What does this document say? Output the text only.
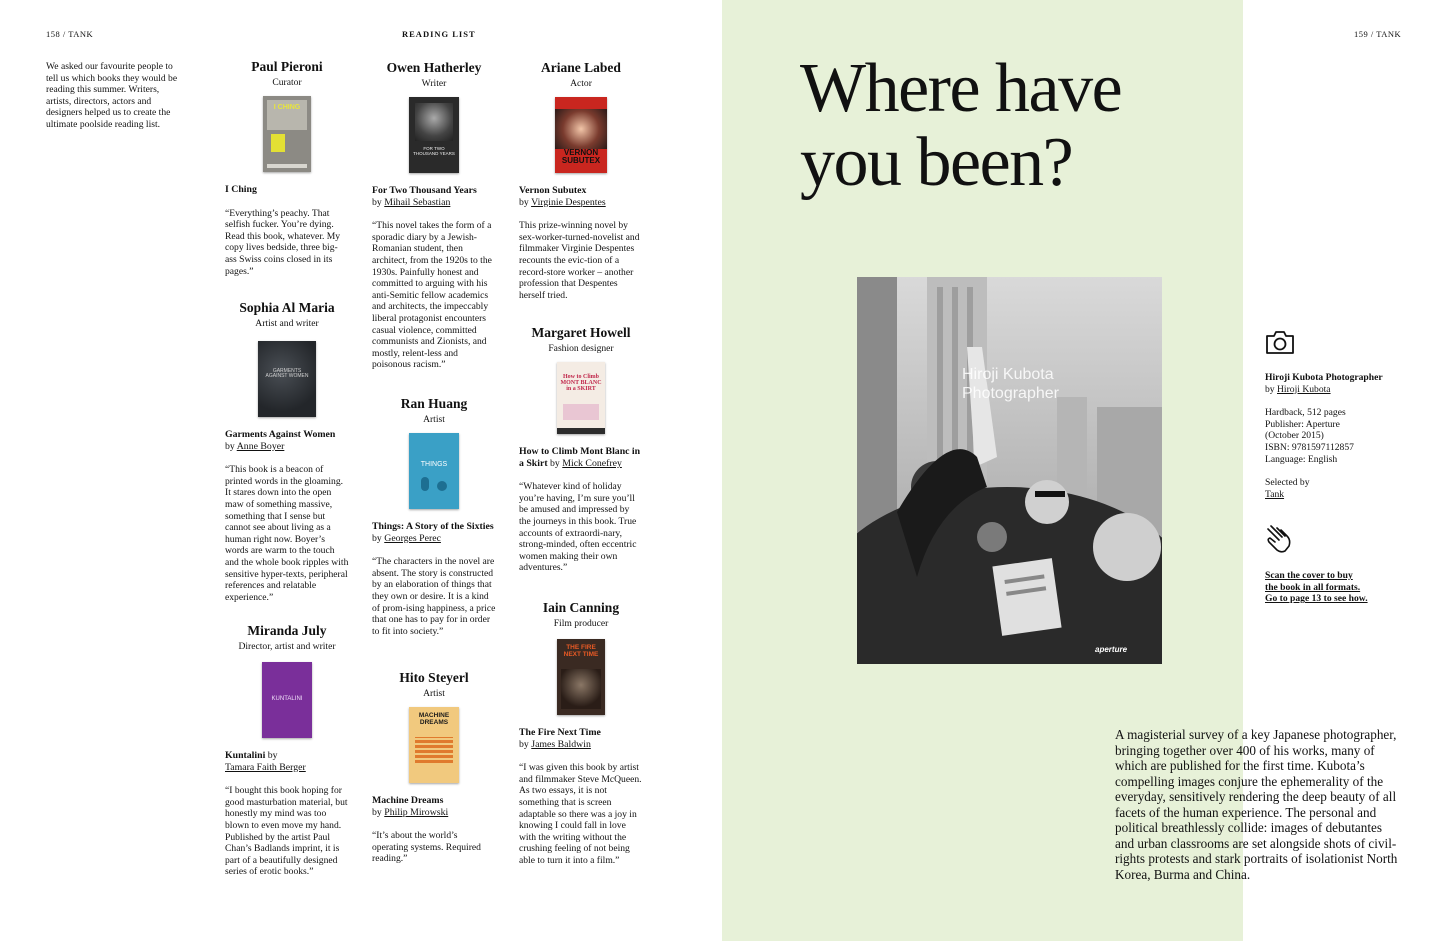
158 / TANK	READING LIST
We asked our favourite people to tell us which books they would be reading this summer. Writers, artists, directors, actors and designers helped us to create the ultimate poolside reading list.
Paul Pieroni
Curator
I CHING
I Ching
“Everything’s peachy. That selfish fucker. You’re dying. Read this book, whatever. My copy lives bedside, three big-ass Swiss coins closed in its pages.”
Sophia Al Maria
Artist and writer
GARMENTS AGAINST WOMEN
Garments Against Women
by Anne Boyer
“This book is a beacon of printed words in the gloaming. It stares down into the open maw of something massive, something that I sense but cannot see about living as a human right now. Boyer’s words are warm to the touch and the whole book ripples with sensitive hyper-texts, peripheral references and relatable experience.”
Miranda July
Director, artist and writer
KUNTALINI
Kuntalini by
Tamara Faith Berger
“I bought this book hoping for good masturbation material, but honestly my mind was too blown to even move my hand. Published by the artist Paul Chan’s Badlands imprint, it is part of a beautifully designed series of erotic books.”
Owen Hatherley
Writer
FOR TWO THOUSAND YEARS
For Two Thousand Years
by Mihail Sebastian
“This novel takes the form of a sporadic diary by a Jewish-Romanian student, then architect, from the 1920s to the 1930s. Painfully honest and committed to arguing with his anti-Semitic fellow academics and architects, the impeccably liberal protagonist encounters casual violence, committed communists and Zionists, and mostly, relent-less and poisonous racism.”
Ran Huang
Artist
THINGS
Things: A Story of the Sixties by Georges Perec
“The characters in the novel are absent. The story is constructed by an elaboration of things that they own or desire. It is a kind of prom-ising happiness, a price that one has to pay for in order to fit into society.”
Hito Steyerl
Artist
MACHINE DREAMS
Machine Dreams
by Philip Mirowski
“It’s about the world’s operating systems. Required reading.”
Ariane Labed
Actor
VERNON SUBUTEX
Vernon Subutex
by Virginie Despentes
This prize-winning novel by sex-worker-turned-novelist and filmmaker Virginie Despentes recounts the evic-tion of a record-store worker – another profession that Despentes herself tried.
Margaret Howell
Fashion designer
How to Climb MONT BLANC in a SKIRT
How to Climb Mont Blanc in a Skirt by Mick Conefrey
“Whatever kind of holiday you’re having, I’m sure you’ll be amused and impressed by the journeys in this book. True accounts of extraordi-nary, strong-minded, often eccentric women making their own adventures.”
Iain Canning
Film producer
THE FIRE NEXT TIME
The Fire Next Time
by James Baldwin
“I was given this book by artist and filmmaker Steve McQueen. As two essays, it is not something that is screen adaptable so there was a joy in knowing I could fall in love with the writing without the crushing feeling of not being able to turn it into a film.”
159 / TANK
Where have
you been?
Hiroji Kubota
Photographer
aperture
Hiroji Kubota Photographer
by Hiroji Kubota
Hardback, 512 pages
Publisher: Aperture
(October 2015)
ISBN: 9781597112857
Language: English
Selected by
Tank
Scan the cover to buy
the book in all formats.
Go to page 13 to see how.
A magisterial survey of a key Japanese photographer, bringing together over 400 of his works, many of which are published for the first time. Kubota’s compelling images conjure the ephemerality of the everyday, sensitively rendering the deep beauty of all facets of the human experience. The personal and political breathlessly collide: images of debutantes and urban classrooms are set alongside shots of civil-rights protests and stark portraits of isolationist North Korea, Burma and China.
